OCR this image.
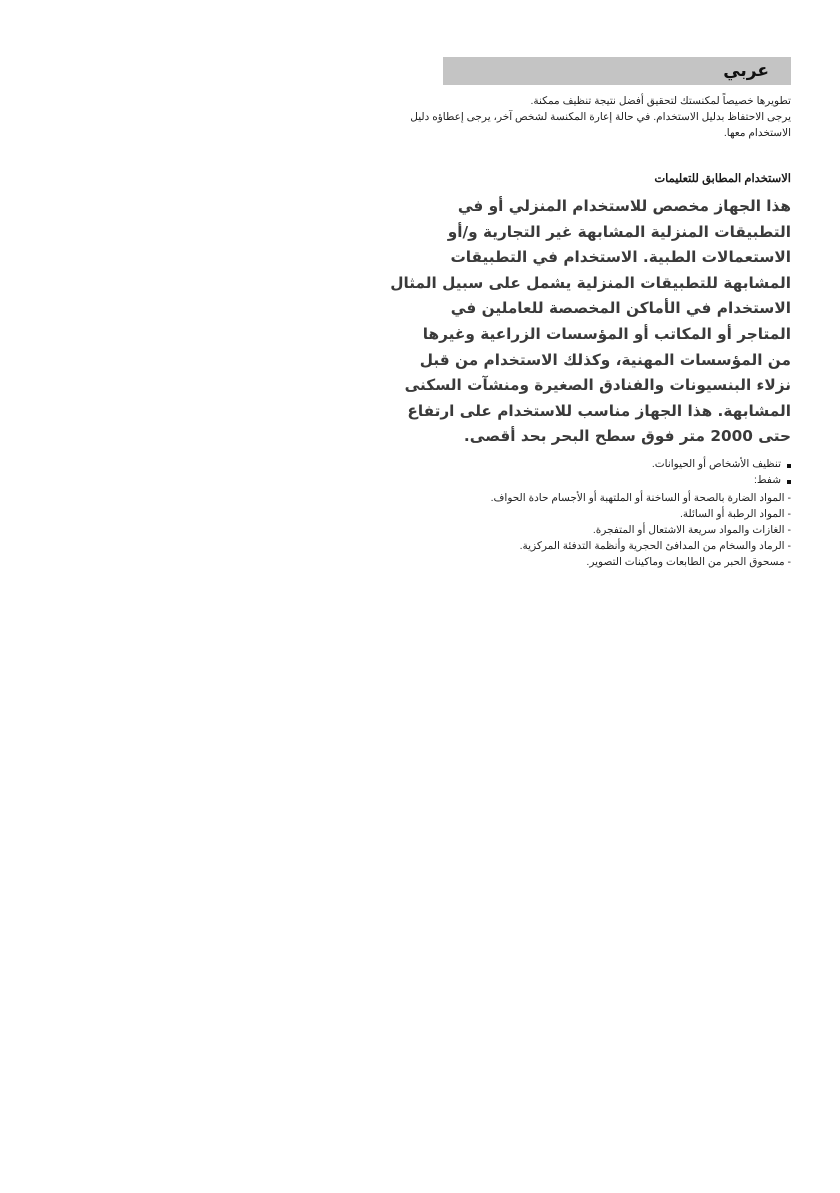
عربي

تطويرها خصيصاً لمكنستك لتحقيق أفضل نتيجة تنظيف ممكنة.

يرجى الاحتفاظ بدليل الاستخدام. في حالة إعارة المكنسة لشخص آخر، يرجى إعطاؤه دليل

الاستخدام معها.

الاستخدام المطابق للتعليمات

هذا الجهاز مخصص للاستخدام المنزلي أو في
التطبيقات المنزلية المشابهة غير التجارية و/أو
الاستعمالات الطبية. الاستخدام في التطبيقات
المشابهة للتطبيقات المنزلية يشمل على سبيل المثال
الاستخدام في الأماكن المخصصة للعاملين في
المتاجر أو المكاتب أو المؤسسات الزراعية وغيرها
من المؤسسات المهنية، وكذلك الاستخدام من قبل
نزلاء البنسيونات والفنادق الصغيرة ومنشآت السكنى
المشابهة. هذا الجهاز مناسب للاستخدام على ارتفاع
حتى 2000 متر فوق سطح البحر بحد أقصى.

تنظيف الأشخاص أو الحيوانات.
شفط:
- المواد الضارة بالصحة أو الساخنة أو الملتهبة أو الأجسام حادة الحواف.
- المواد الرطبة أو السائلة.
- الغازات والمواد سريعة الاشتعال أو المتفجرة.
- الرماد والسخام من المدافئ الحجرية وأنظمة التدفئة المركزية.
- مسحوق الحبر من الطابعات وماكينات التصوير.
